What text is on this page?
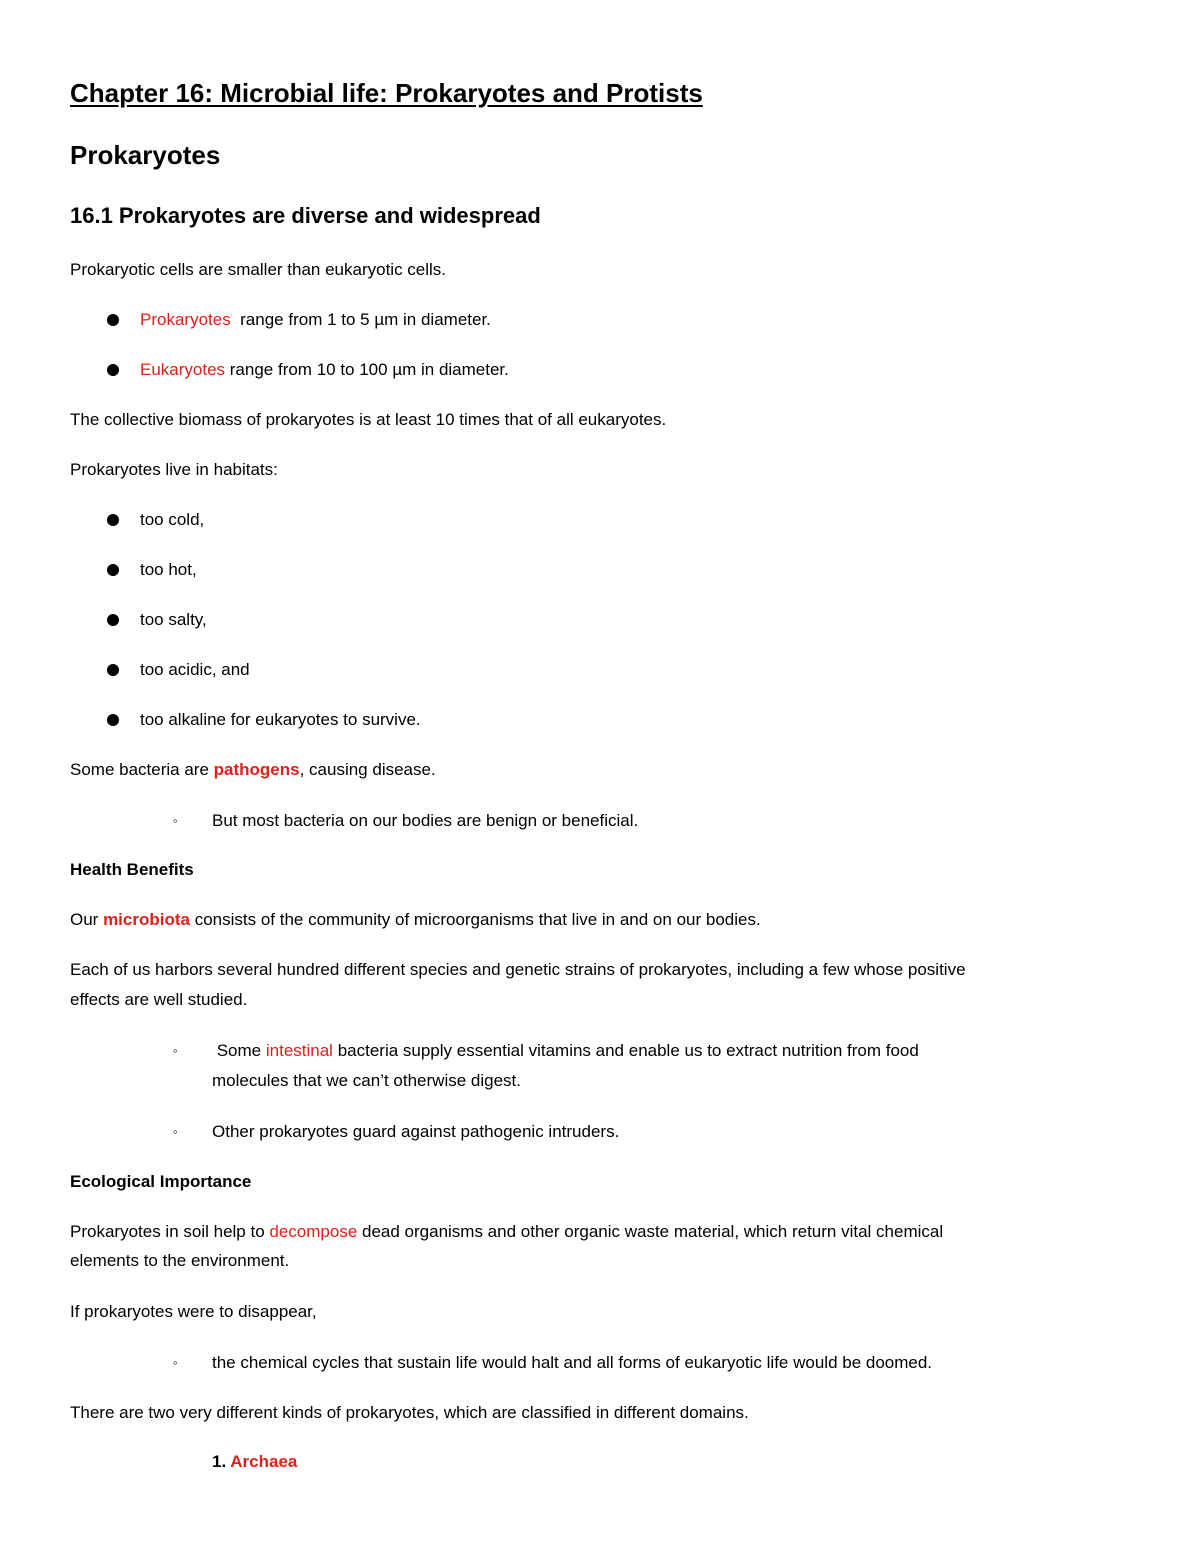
Chapter 16: Microbial life: Prokaryotes and Protists
Prokaryotes
16.1 Prokaryotes are diverse and widespread
Prokaryotic cells are smaller than eukaryotic cells.
Prokaryotes  range from 1 to 5 µm in diameter.
Eukaryotes range from 10 to 100 µm in diameter.
The collective biomass of prokaryotes is at least 10 times that of all eukaryotes.
Prokaryotes live in habitats:
too cold,
too hot,
too salty,
too acidic, and
too alkaline for eukaryotes to survive.
Some bacteria are pathogens, causing disease.
◦ But most bacteria on our bodies are benign or beneficial.
Health Benefits
Our microbiota consists of the community of microorganisms that live in and on our bodies.
Each of us harbors several hundred different species and genetic strains of prokaryotes, including a few whose positive
effects are well studied.
◦ Some intestinal bacteria supply essential vitamins and enable us to extract nutrition from food
molecules that we can’t otherwise digest.
◦ Other prokaryotes guard against pathogenic intruders.
Ecological Importance
Prokaryotes in soil help to decompose dead organisms and other organic waste material, which return vital chemical
elements to the environment.
If prokaryotes were to disappear,
◦ the chemical cycles that sustain life would halt and all forms of eukaryotic life would be doomed.
There are two very different kinds of prokaryotes, which are classified in different domains.
1. Archaea
